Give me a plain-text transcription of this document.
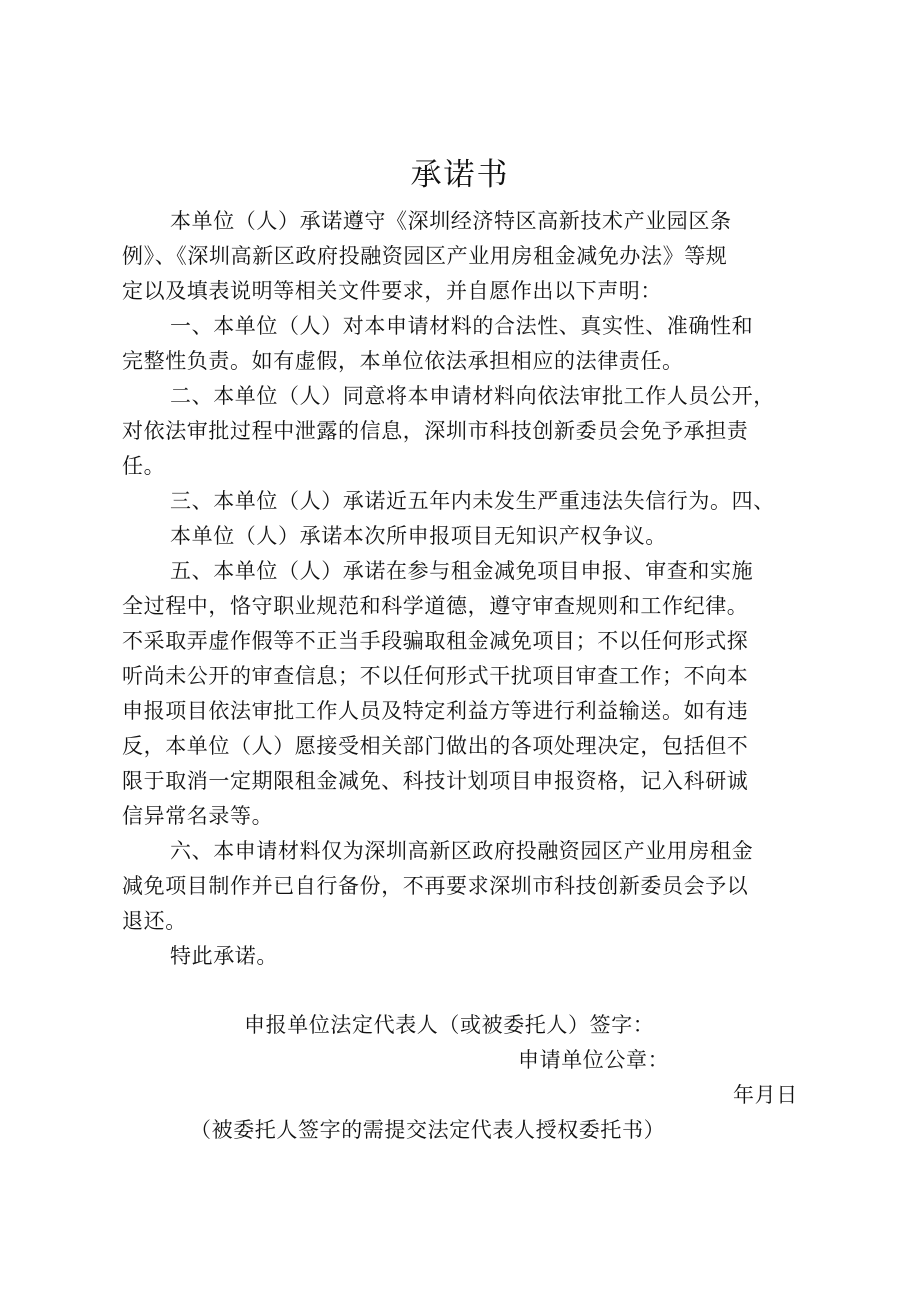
承诺书
本单位（人）承诺遵守《深圳经济特区高新技术产业园区条
例》、《深圳高新区政府投融资园区产业用房租金减免办法》等规
定以及填表说明等相关文件要求，并自愿作出以下声明：
一、本单位（人）对本申请材料的合法性、真实性、准确性和
完整性负责。如有虚假，本单位依法承担相应的法律责任。
二、本单位（人）同意将本申请材料向依法审批工作人员公开，
对依法审批过程中泄露的信息，深圳市科技创新委员会免予承担责
任。
三、本单位（人）承诺近五年内未发生严重违法失信行为。四、
本单位（人）承诺本次所申报项目无知识产权争议。
五、本单位（人）承诺在参与租金减免项目申报、审查和实施
全过程中，恪守职业规范和科学道德，遵守审查规则和工作纪律。
不采取弄虚作假等不正当手段骗取租金减免项目；不以任何形式探
听尚未公开的审查信息；不以任何形式干扰项目审查工作；不向本
申报项目依法审批工作人员及特定利益方等进行利益输送。如有违
反，本单位（人）愿接受相关部门做出的各项处理决定，包括但不
限于取消一定期限租金减免、科技计划项目申报资格，记入科研诚
信异常名录等。
六、本申请材料仅为深圳高新区政府投融资园区产业用房租金
减免项目制作并已自行备份，不再要求深圳市科技创新委员会予以
退还。
特此承诺。
申报单位法定代表人（或被委托人）签字：
申请单位公章：
年月日
（被委托人签字的需提交法定代表人授权委托书）
